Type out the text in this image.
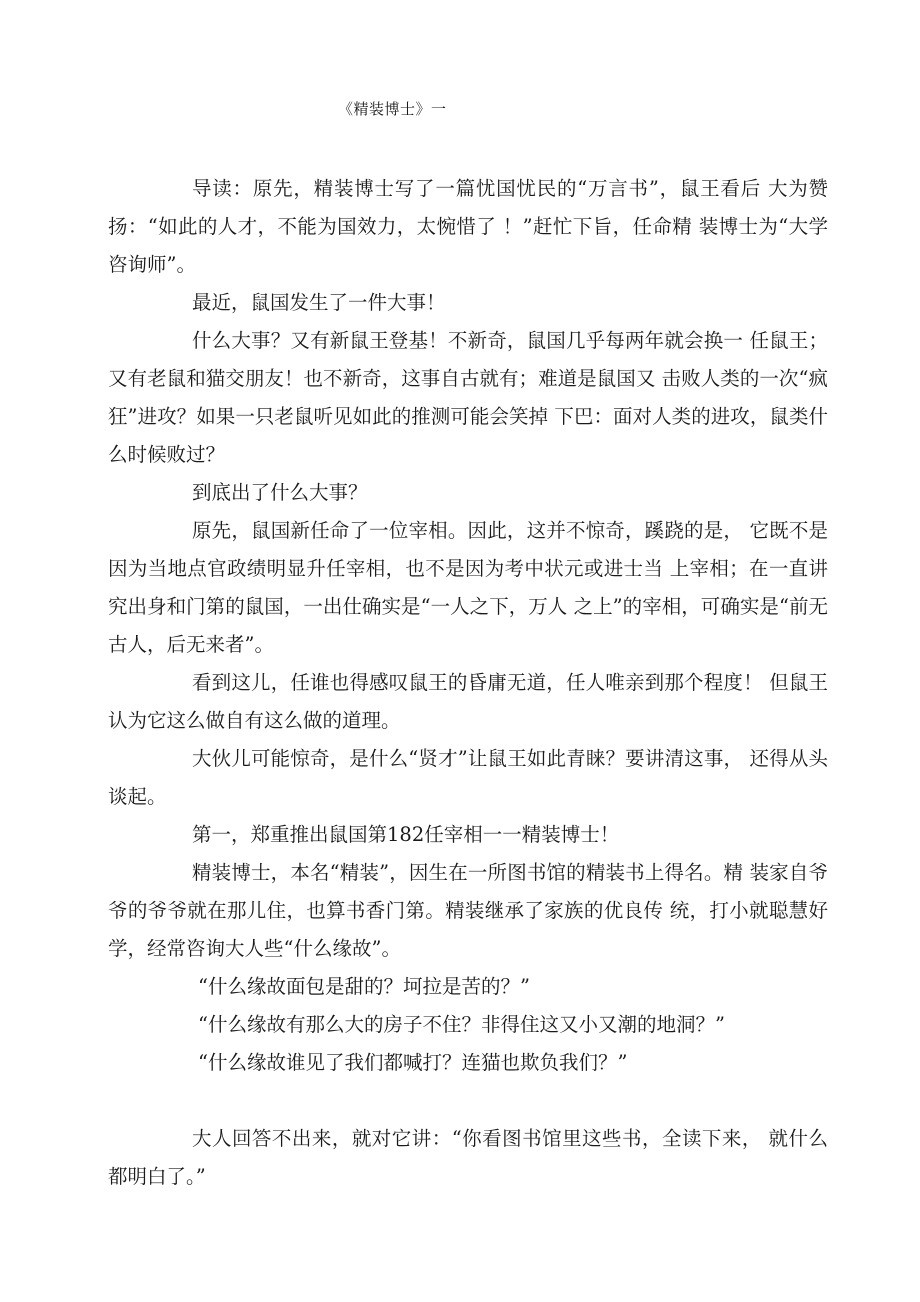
《精装博士》一

导读：原先，精装博士写了一篇忧国忧民的“万言书”，鼠王看后 大为赞扬：“如此的人才，不能为国效力，太惋惜了 ！”赶忙下旨，任命精 装博士为“大学咨询师”。

最近，鼠国发生了一件大事！

什么大事？又有新鼠王登基！不新奇，鼠国几乎每两年就会换一 任鼠王；又有老鼠和猫交朋友！也不新奇，这事自古就有；难道是鼠国又 击败人类的一次“疯狂”进攻？如果一只老鼠听见如此的推测可能会笑掉 下巴：面对人类的进攻，鼠类什么时候败过？

到底出了什么大事？

原先，鼠国新任命了一位宰相。因此，这并不惊奇，蹊跷的是， 它既不是因为当地点官政绩明显升任宰相，也不是因为考中状元或进士当 上宰相；在一直讲究出身和门第的鼠国，一出仕确实是“一人之下，万人 之上”的宰相，可确实是“前无古人，后无来者”。

看到这儿，任谁也得感叹鼠王的昏庸无道，任人唯亲到那个程度！ 但鼠王认为它这么做自有这么做的道理。

大伙儿可能惊奇，是什么“贤才”让鼠王如此青睐？要讲清这事， 还得从头谈起。

第一，郑重推出鼠国第182任宰相一一精装博士！

精装博士，本名“精装”，因生在一所图书馆的精装书上得名。精 装家自爷爷的爷爷就在那儿住，也算书香门第。精装继承了家族的优良传 统，打小就聪慧好学，经常咨询大人些“什么缘故”。

“什么缘故面包是甜的？坷拉是苦的？”

“什么缘故有那么大的房子不住？非得住这又小又潮的地洞？”

“什么缘故谁见了我们都喊打？连猫也欺负我们？”

大人回答不出来，就对它讲：“你看图书馆里这些书，全读下来， 就什么都明白了。”
